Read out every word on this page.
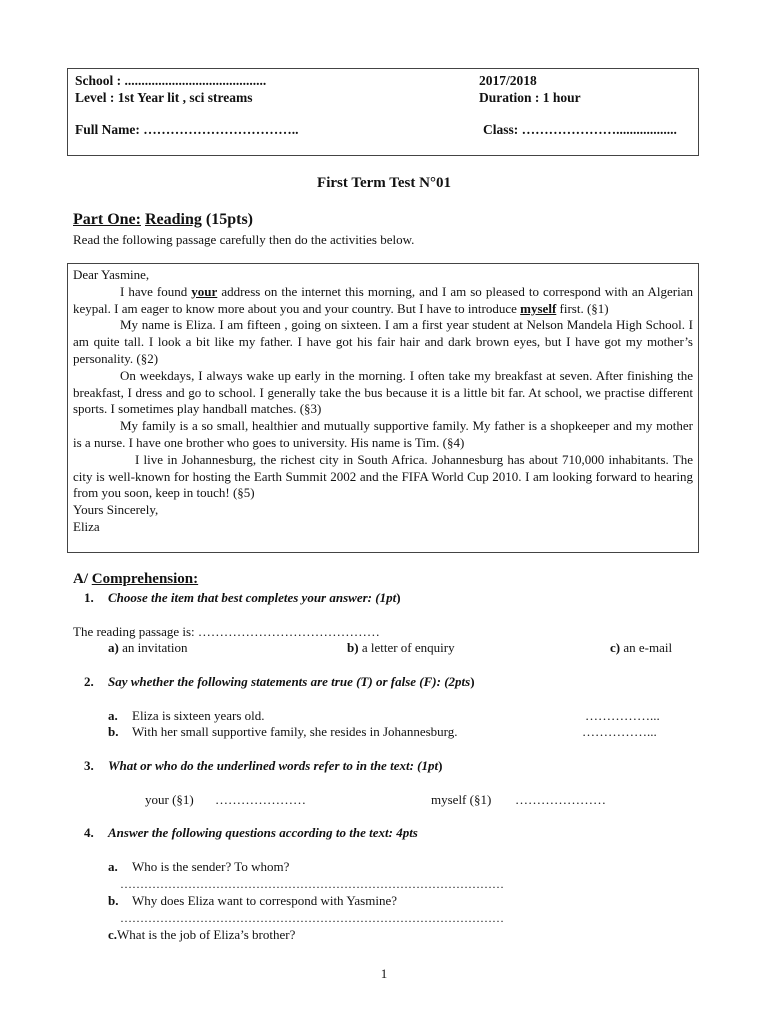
School : ..........................................	2017/2018
Level : 1st Year lit , sci streams	Duration : 1 hour
Full Name: ……………………………..	Class: …………………..................
First Term Test N°01
Part One: Reading (15pts)
Read the following passage carefully then do the activities below.

Dear Yasmine,

I have found your address on the internet this morning, and I am so pleased to correspond with an Algerian keypal. I am eager to know more about you and your country. But I have to introduce myself first. (§1)

My name is Eliza. I am fifteen , going on sixteen. I am a first year student at Nelson Mandela High School. I am quite tall. I look a bit like my father. I have got his fair hair and dark brown eyes, but I have got my mother’s personality. (§2)

On weekdays, I always wake up early in the morning. I often take my breakfast at seven. After finishing the breakfast, I dress and go to school. I generally take the bus because it is a little bit far. At school, we practise different sports. I sometimes play handball matches. (§3)

My family is a so small, healthier and mutually supportive family. My father is a shopkeeper and my mother is a nurse. I have one brother who goes to university. His name is Tim. (§4)

I live in Johannesburg, the richest city in South Africa. Johannesburg has about 710,000 inhabitants. The city is well-known for hosting the Earth Summit 2002 and the FIFA World Cup 2010. I am looking forward to hearing from you soon, keep in touch! (§5)

Yours Sincerely,

Eliza

A/ Comprehension:
1. Choose the item that best completes your answer: (1pt)
The reading passage is: ……………………………………
a) an invitation	b) a letter of enquiry	c) an e-mail
2. Say whether the following statements are true (T) or false (F): (2pts)
a. Eliza is sixteen years old.	……………...
b. With her small supportive family, she resides in Johannesburg.	……………...
3. What or who do the underlined words refer to in the text: (1pt)
your (§1) …………………	myself (§1) …………………
4. Answer the following questions according to the text: 4pts
a. Who is the sender? To whom?
……………………………………………………………………………………
b. Why does Eliza want to correspond with Yasmine?
……………………………………………………………………………………
c.What is the job of Eliza’s brother?
1
